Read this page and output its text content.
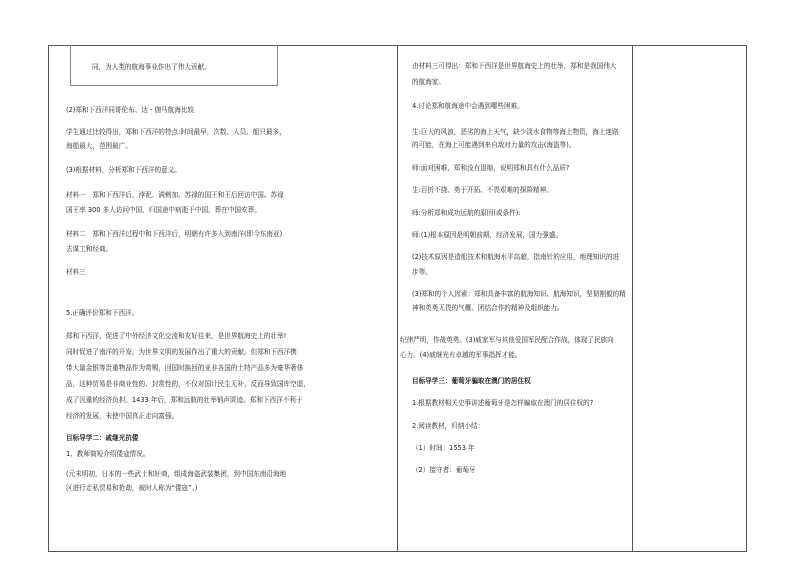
同，为人类的航海事业作出了伟大贡献。
(2)郑和下西洋同哥伦布、达・伽马航海比较
学生通过比较得出，郑和下西洋的特点:时间最早，次数、人员、船只最多，
海船最大，范围最广。
(3)根据材料，分析郑和下西洋的意义。
材料一　郑和下西洋后，浡泥、满剌加、苏禄的国王和王后回访中国。苏禄
国王率 300 多人访问中国，归国途中病逝于中国，葬在中国安葬。
材料二　郑和下西洋过程中和下西洋后，明朝有许多人到南洋(即今东南亚)
去谋工和经商。
材料三
5.正确评价郑和下西洋。
郑和下西洋，促进了中外经济文化交流和友好往来，是世界航海史上的壮举!
同时促进了南洋的开发，为世界文明的发展作出了重大的贡献。但郑和下西洋携
带大量金银等贵重物品作为赏赐，回国时换回的亚非各国的土特产品多为豪华奢侈
品，这种贸易是非商业性的、封赏性的，不仅对国计民生无补，反而导致国库空虚，
成了沉重的经济负担。1433 年后，郑和远航的壮举销声匿迹。郑和下西洋不利于
经济的发展，未使中国真正走向富强。
目标导学二：戚继光抗倭
1、教师简短介绍倭寇情况。
(元末明初，日本的一些武士和奸商，组成海盗武装集团，到中国东南沿海地
区进行走私贸易和抢劫，被时人称为“倭寇”。)
由材料三可得出：郑和下西洋是世界航海史上的壮举，郑和是我国伟大
的航海家。
4.讨论郑和航海途中会遇到哪些困难。
生:巨大的风浪，恶劣的海上天气，缺少淡水食物等海上物资，海上迷路
的可能，在海上可能遇到来自敌对力量的攻击(海盗等)。
师:面对困难，郑和没有退缩，说明郑和具有什么品质?
生:百折不挠、勇于开拓、不畏艰难的探险精神。
师:分析郑和成功远航的原因(或条件):
师:(1)根本原因是明朝前期，经济发展，国力强盛。
(2)技术原因是造船技术和航海水平高超，指南针的应用，地理知识的进
步等。
(3)郑和的个人因素：郑和具备丰富的航海知识、航海知识，坚韧刚毅的精
神和英勇无畏的气概、团结合作的精神及组织能力。
纪律严明，作战英勇。(3)戚家军与其他爱国军民配合作战，体现了民族向
心力。(4)戚继光有卓越的军事指挥才能。
目标导学三：葡萄牙骗取在澳门的居住权
1.根据教材相关史事讲述葡萄牙是怎样骗取在澳门的居住权的?
2.阅读教材，归纳小结：
（1）时间：1553 年
（2）接守者：葡萄牙
